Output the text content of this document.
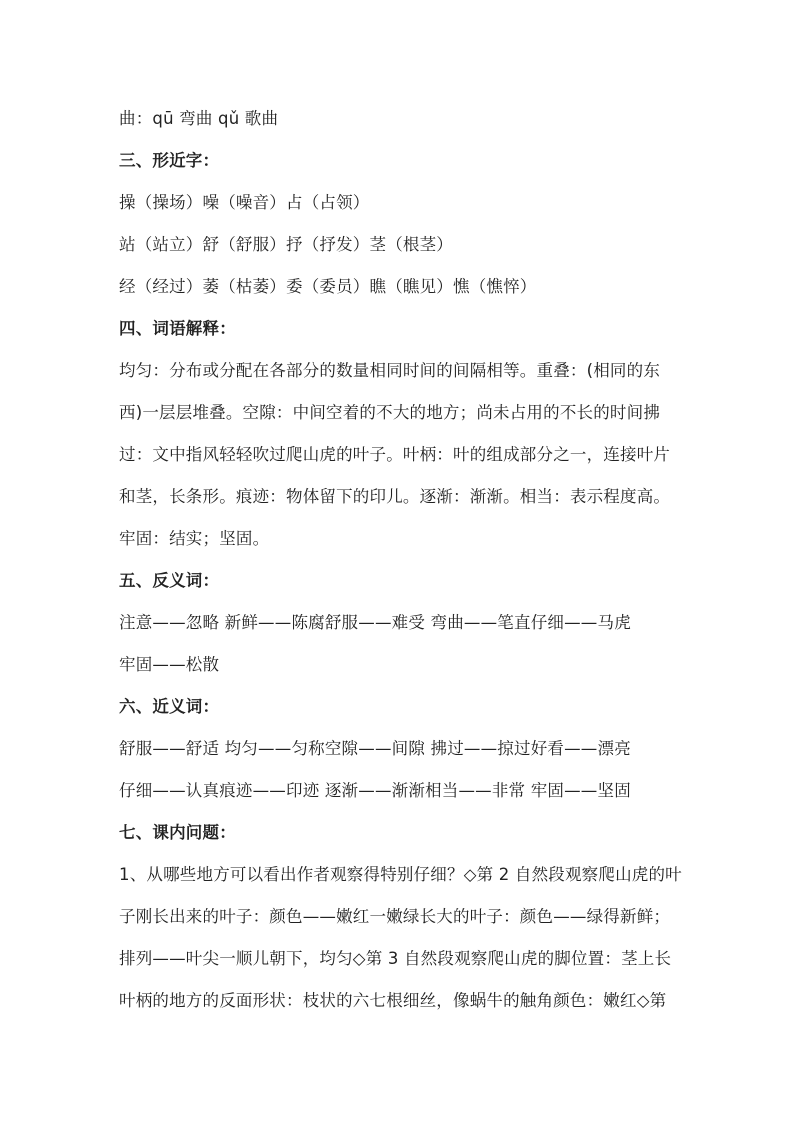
曲：qū 弯曲 qǔ 歌曲
三、形近字：
操（操场）噪（噪音）占（占领）
站（站立）舒（舒服）抒（抒发）茎（根茎）
经（经过）萎（枯萎）委（委员）瞧（瞧见）憔（憔悴）
四、词语解释：
均匀：分布或分配在各部分的数量相同时间的间隔相等。重叠：(相同的东
西)一层层堆叠。空隙：中间空着的不大的地方；尚未占用的不长的时间拂
过：文中指风轻轻吹过爬山虎的叶子。叶柄：叶的组成部分之一，连接叶片
和茎，长条形。痕迹：物体留下的印儿。逐渐：渐渐。相当：表示程度高。
牢固：结实；坚固。
五、反义词：
注意——忽略 新鲜——陈腐舒服——难受 弯曲——笔直仔细——马虎
牢固——松散
六、近义词：
舒服——舒适 均匀——匀称空隙——间隙 拂过——掠过好看——漂亮
仔细——认真痕迹——印迹 逐渐——渐渐相当——非常 牢固——坚固
七、课内问题：
1、从哪些地方可以看出作者观察得特别仔细？◇第 2 自然段观察爬山虎的叶
子刚长出来的叶子：颜色——嫩红一嫩绿长大的叶子：颜色——绿得新鲜；
排列——叶尖一顺儿朝下，均匀◇第 3 自然段观察爬山虎的脚位置：茎上长
叶柄的地方的反面形状：枝状的六七根细丝，像蜗牛的触角颜色：嫩红◇第
